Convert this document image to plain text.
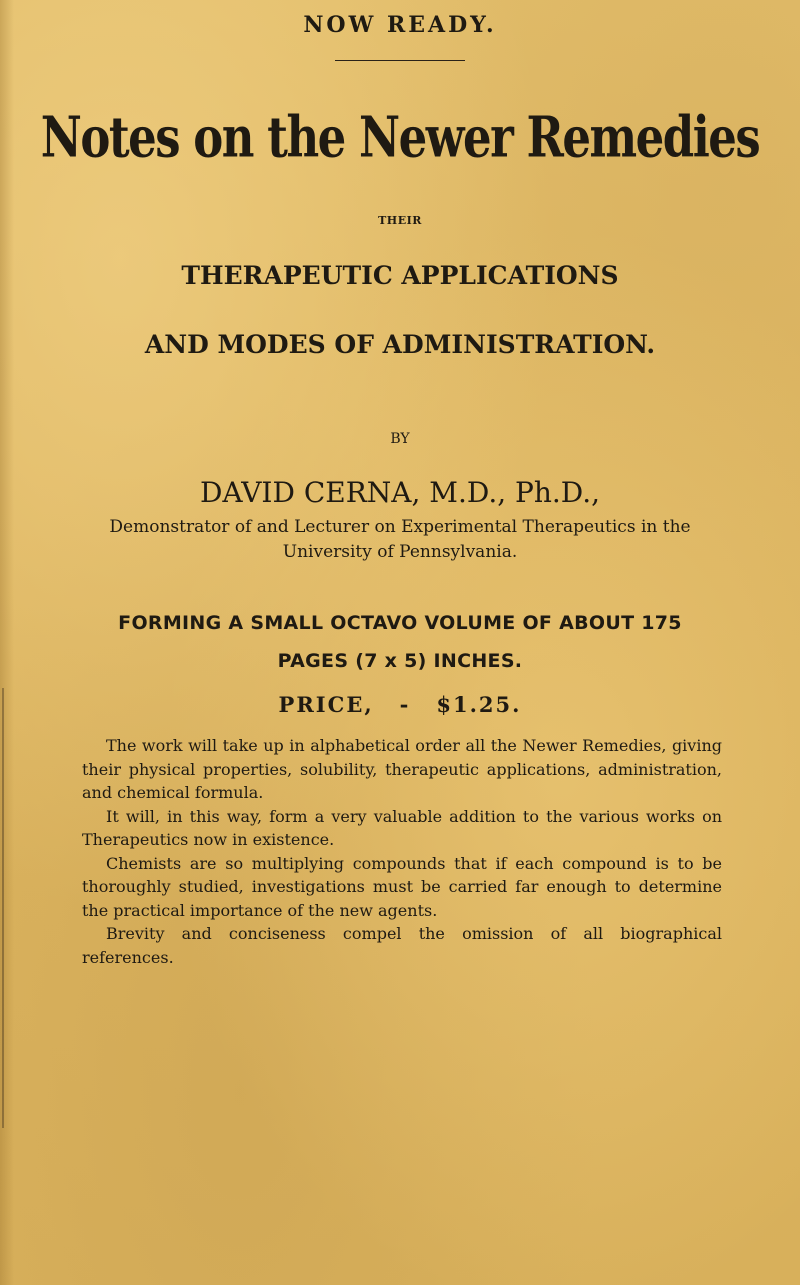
NOW READY.
Notes on the Newer Remedies
THEIR
THERAPEUTIC APPLICATIONS
AND MODES OF ADMINISTRATION.
BY
DAVID CERNA, M.D., Ph.D.,
Demonstrator of and Lecturer on Experimental Therapeutics in the
University of Pennsylvania.
FORMING A SMALL OCTAVO VOLUME OF ABOUT 175
PAGES (7 x 5) INCHES.
PRICE, - $1.25.

The work will take up in alphabetical order all the Newer Remedies, giving their physical properties, solubility, therapeutic applications, administration, and chemical formula.

It will, in this way, form a very valuable addition to the various works on Therapeutics now in existence.

Chemists are so multiplying compounds that if each compound is to be thoroughly studied, investigations must be carried far enough to determine the practical importance of the new agents.

Brevity and conciseness compel the omission of all biographical references.
